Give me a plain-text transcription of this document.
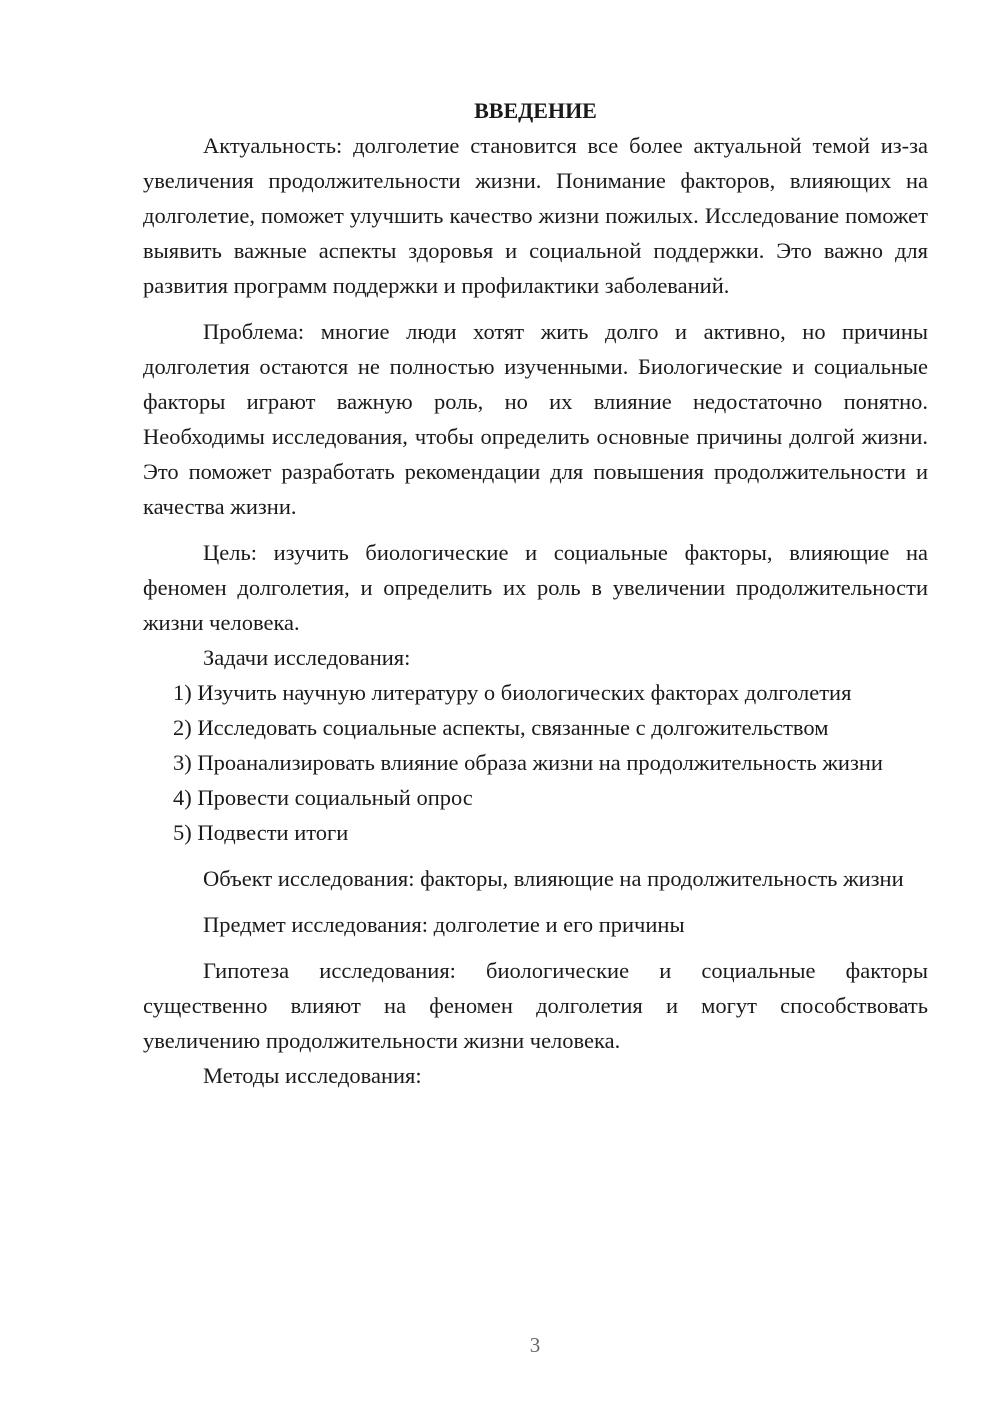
ВВЕДЕНИЕ

Актуальность: долголетие становится все более актуальной темой из-за увеличения продолжительности жизни. Понимание факторов, влияющих на долголетие, поможет улучшить качество жизни пожилых. Исследование поможет выявить важные аспекты здоровья и социальной поддержки. Это важно для развития программ поддержки и профилактики заболеваний.

Проблема: многие люди хотят жить долго и активно, но причины долголетия остаются не полностью изученными. Биологические и социальные факторы играют важную роль, но их влияние недостаточно понятно. Необходимы исследования, чтобы определить основные причины долгой жизни. Это поможет разработать рекомендации для повышения продолжительности и качества жизни.

Цель: изучить биологические и социальные факторы, влияющие на феномен долголетия, и определить их роль в увеличении продолжительности жизни человека.

Задачи исследования:

1) Изучить научную литературу о биологических факторах долголетия

2) Исследовать социальные аспекты, связанные с долгожительством

3) Проанализировать влияние образа жизни на продолжительность жизни

4) Провести социальный опрос

5) Подвести итоги

Объект исследования: факторы, влияющие на продолжительность жизни

Предмет исследования: долголетие и его причины

Гипотеза исследования: биологические и социальные факторы существенно влияют на феномен долголетия и могут способствовать увеличению продолжительности жизни человека.

Методы исследования:

3
